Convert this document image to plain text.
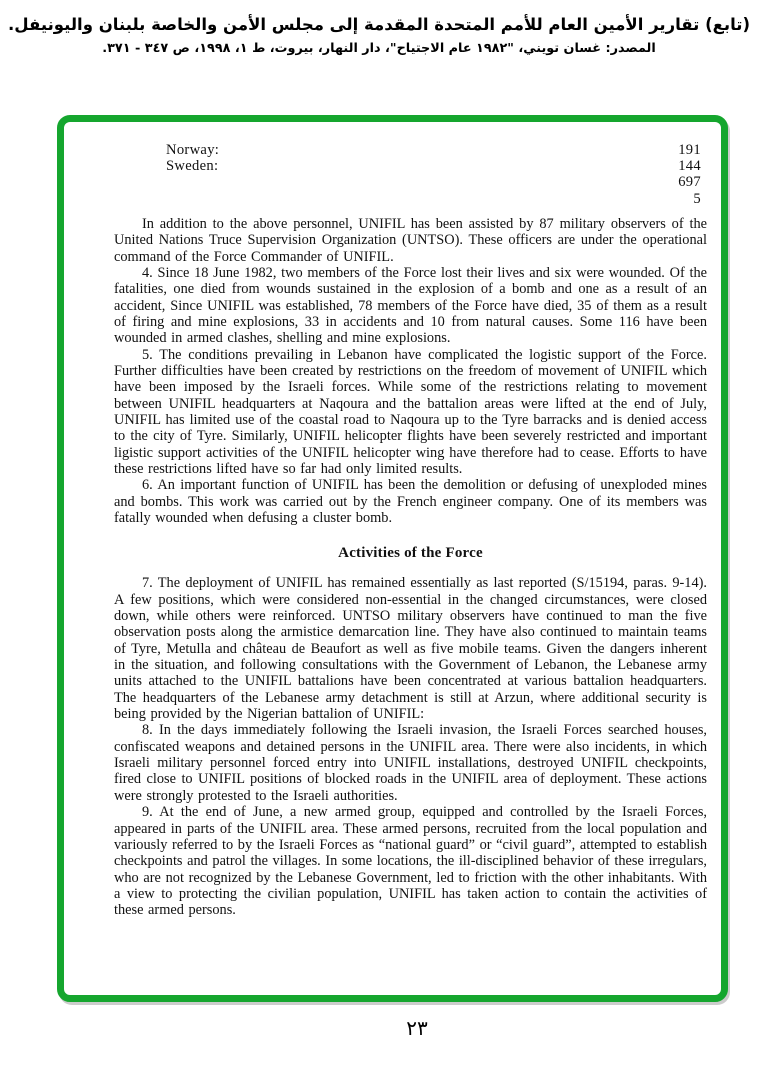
(تابع) تقارير الأمين العام للأمم المتحدة المقدمة إلى مجلس الأمن والخاصة بلبنان واليونيفل.
المصدر: غسان تويني، "١٩٨٢ عام الاجتياح"، دار النهار، بيروت، ط ١، ١٩٩٨، ص ٣٤٧ - ٣٧١.
Norway:	191
Sweden:	144
697
5

In addition to the above personnel, UNIFIL has been assisted by 87 military observers of the United Nations Truce Supervision Organization (UNTSO). These officers are under the operational command of the Force Commander of UNIFIL.

4. Since 18 June 1982, two members of the Force lost their lives and six were wounded. Of the fatalities, one died from wounds sustained in the explosion of a bomb and one as a result of an accident, Since UNIFIL was established, 78 members of the Force have died, 35 of them as a result of firing and mine explosions, 33 in accidents and 10 from natural causes. Some 116 have been wounded in armed clashes, shelling and mine explosions.

5. The conditions prevailing in Lebanon have complicated the logistic support of the Force. Further difficulties have been created by restrictions on the freedom of movement of UNIFIL which have been imposed by the Israeli forces. While some of the restrictions relating to movement between UNIFIL headquarters at Naqoura and the battalion areas were lifted at the end of July, UNIFIL has limited use of the coastal road to Naqoura up to the Tyre barracks and is denied access to the city of Tyre. Similarly, UNIFIL helicopter flights have been severely restricted and important ligistic support activities of the UNIFIL helicopter wing have therefore had to cease. Efforts to have these restrictions lifted have so far had only limited results.

6. An important function of UNIFIL has been the demolition or defusing of unexploded mines and bombs. This work was carried out by the French engineer company. One of its members was fatally wounded when defusing a cluster bomb.

Activities of the Force

7. The deployment of UNIFIL has remained essentially as last reported (S/15194, paras. 9-14). A few positions, which were considered non-essential in the changed circumstances, were closed down, while others were reinforced. UNTSO military observers have continued to man the five observation posts along the armistice demarcation line. They have also continued to maintain teams of Tyre, Metulla and château de Beaufort as well as five mobile teams. Given the dangers inherent in the situation, and following consultations with the Government of Lebanon, the Lebanese army units attached to the UNIFIL battalions have been concentrated at various battalion headquarters. The headquarters of the Lebanese army detachment is still at Arzun, where additional security is being provided by the Nigerian battalion of UNIFIL:

8. In the days immediately following the Israeli invasion, the Israeli Forces searched houses, confiscated weapons and detained persons in the UNIFIL area. There were also incidents, in which Israeli military personnel forced entry into UNIFIL installations, destroyed UNIFIL checkpoints, fired close to UNIFIL positions of blocked roads in the UNIFIL area of deployment. These actions were strongly protested to the Israeli authorities.

9. At the end of June, a new armed group, equipped and controlled by the Israeli Forces, appeared in parts of the UNIFIL area. These armed persons, recruited from the local population and variously referred to by the Israeli Forces as “national guard” or “civil guard”, attempted to establish checkpoints and patrol the villages. In some locations, the ill-disciplined behavior of these irregulars, who are not recognized by the Lebanese Government, led to friction with the other inhabitants. With a view to protecting the civilian population, UNIFIL has taken action to contain the activities of these armed persons.

٢٣
